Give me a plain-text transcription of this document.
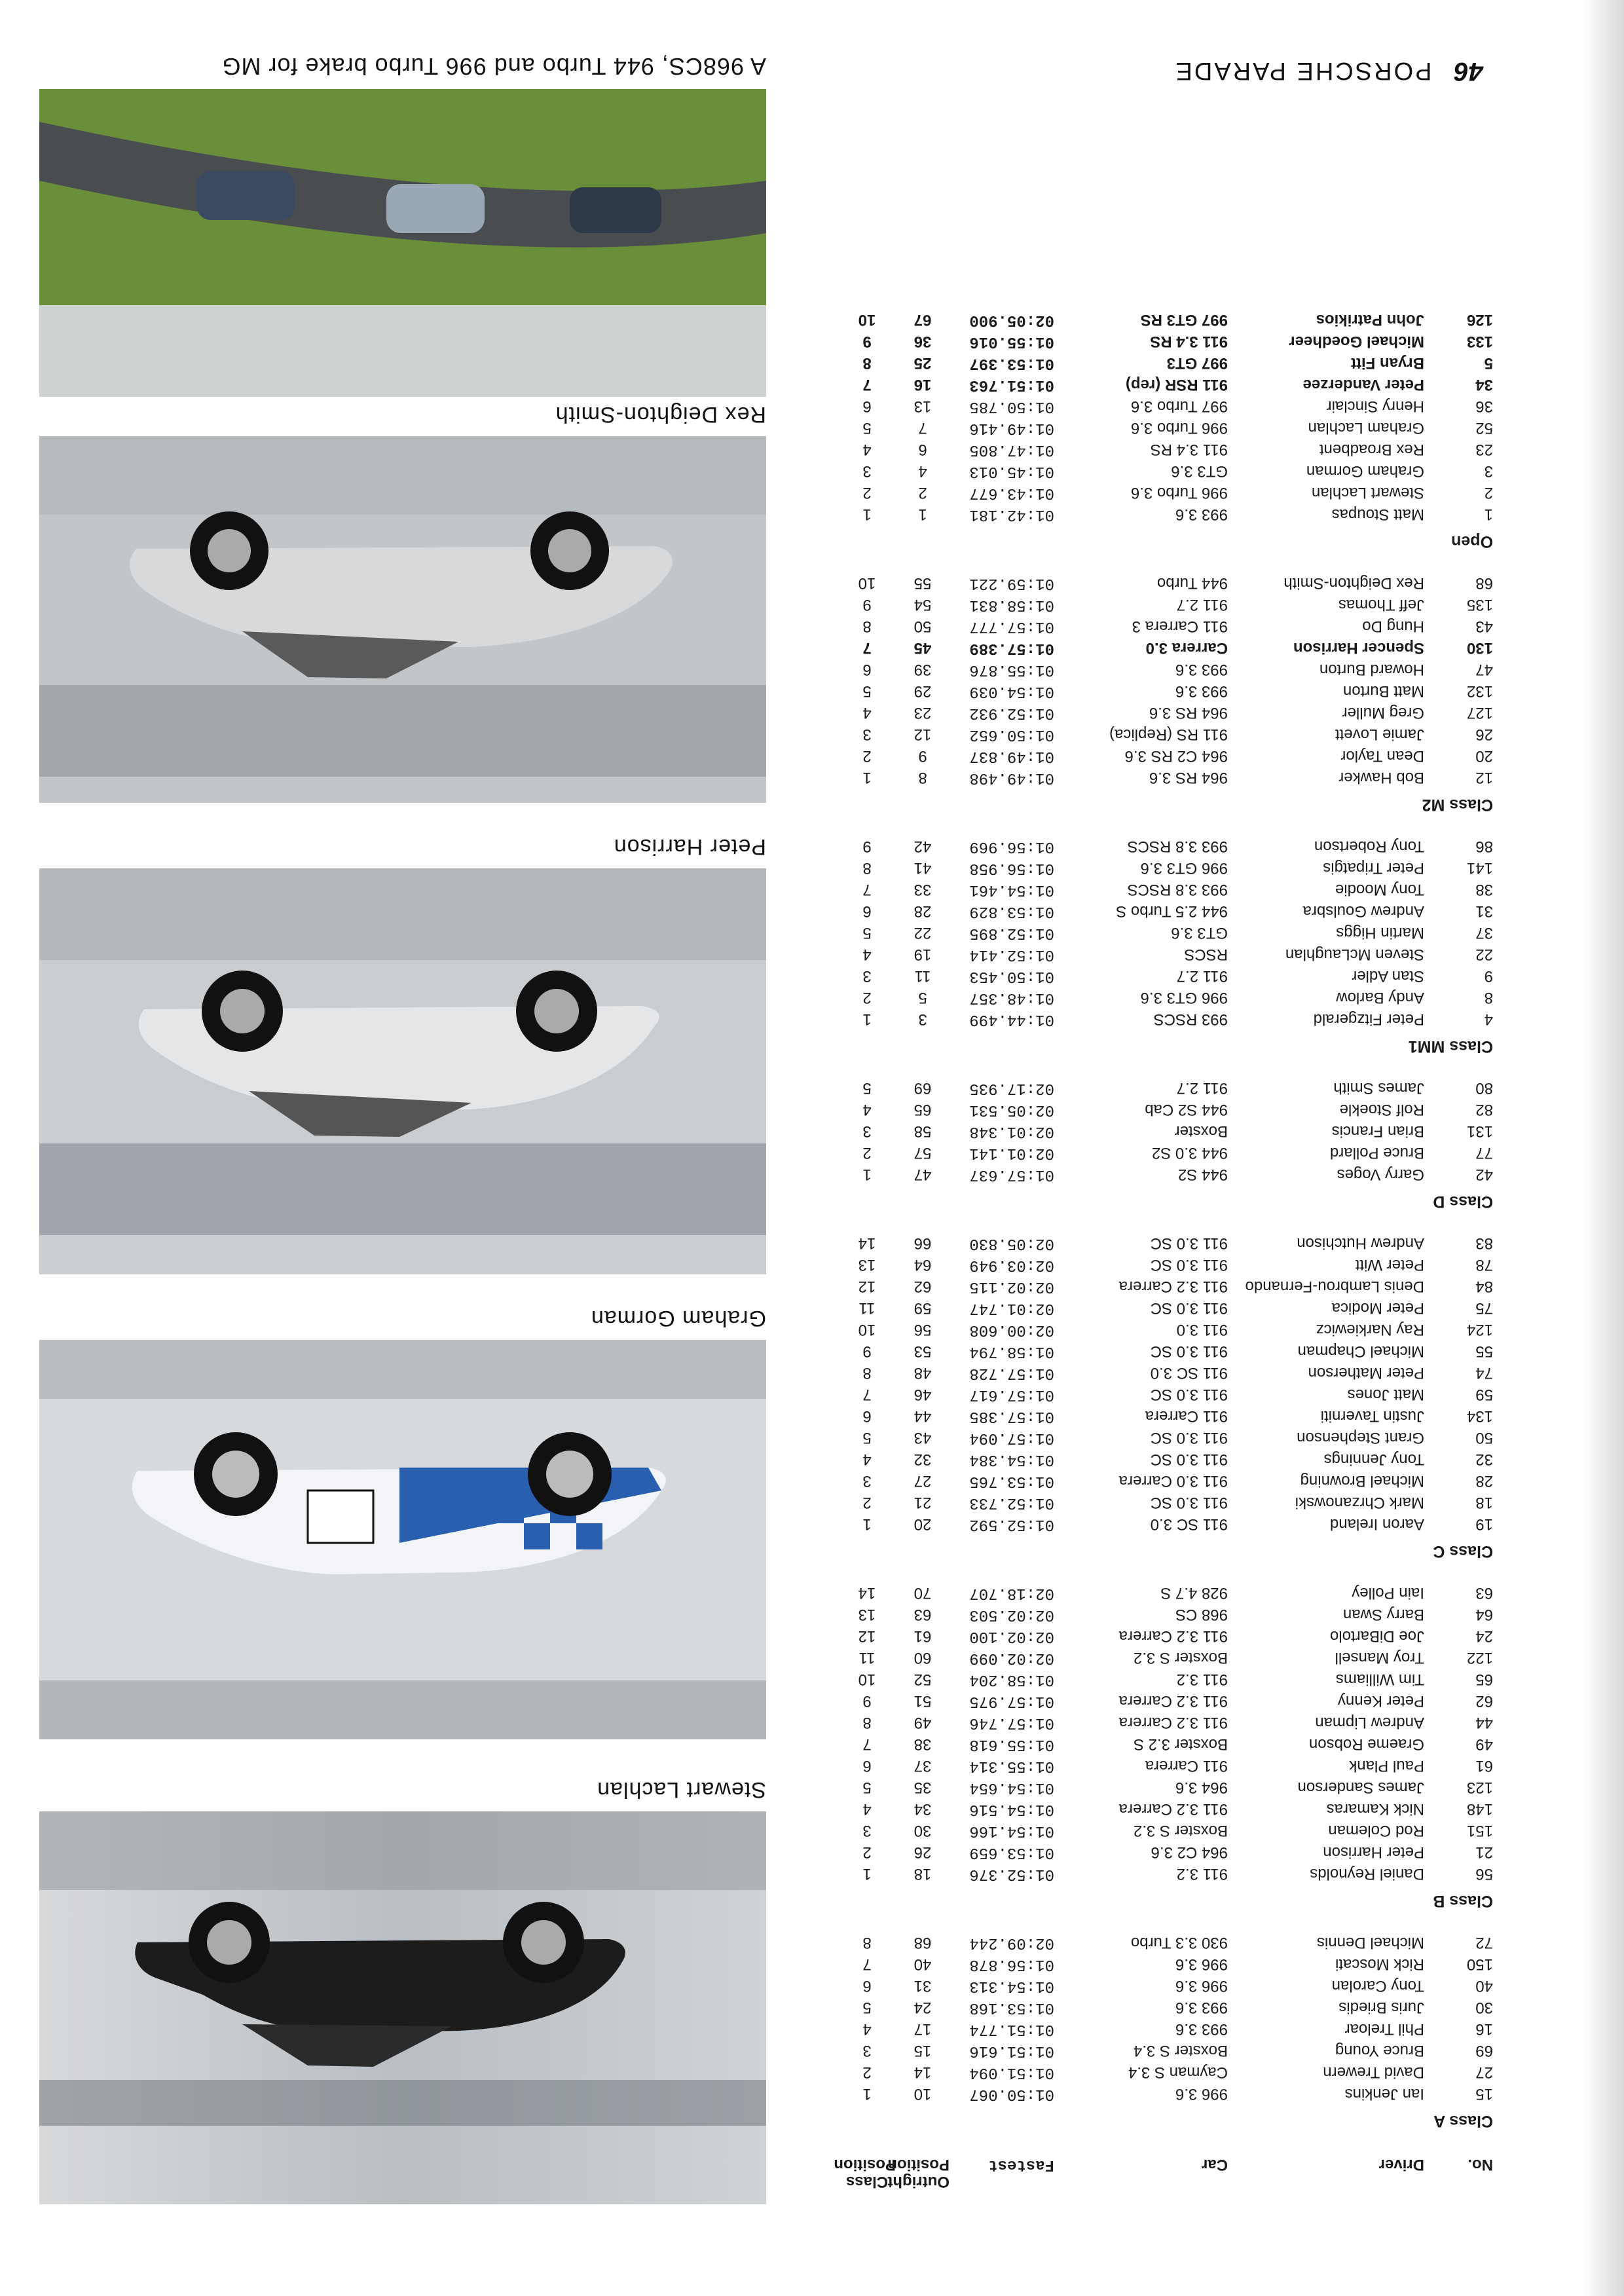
46
PORSCHE PARADE
No.
Driver
Car
Fastest
Outright
Position
Class
Position
Class A
15
Ian Jenkins
996 3.6
01:50.067
10
1
27
David Trewern
Cayman S 3.4
01:51.094
14
2
69
Bruce Young
Boxster S 3.4
01:51.616
15
3
16
Phil Treloar
993 3.6
01:51.774
17
4
30
Juris Briedis
993 3.6
01:53.168
24
5
40
Tony Carolan
996 3.6
01:54.313
31
6
150
Rick Moscati
996 3.6
01:56.878
40
7
72
Michael Dennis
930 3.3 Turbo
02:09.244
68
8
Class B
56
Daniel Reynolds
911 3.2
01:52.376
18
1
21
Peter Harrison
964 C2 3.6
01:53.659
26
2
151
Rod Coleman
Boxster S 3.2
01:54.166
30
3
148
Nick Kamaras
911 3.2 Carrera
01:54.516
34
4
123
James Sanderson
964 3.6
01:54.654
35
5
61
Paul Plank
911 Carrera
01:55.314
37
6
49
Graeme Robson
Boxster 3.2 S
01:55.618
38
7
44
Andrew Lipman
911 3.2 Carrera
01:57.746
49
8
62
Peter Kenny
911 3.2 Carrera
01:57.975
51
9
65
Tim Williams
911 3.2
01:58.204
52
10
122
Troy Mansell
Boxster S 3.2
02:02.099
60
11
24
Joe DiBartolo
911 3.2 Carrera
02:02.100
61
12
64
Barry Swan
968 CS
02:02.503
63
13
63
Iain Polley
928 4.7 S
02:18.707
70
14
Class C
19
Aaron Ireland
911 SC 3.0
01:52.592
20
1
18
Mark Chrzanowski
911 3.0 SC
01:52.733
21
2
28
Michael Browning
911 3.0 Carrera
01:53.765
27
3
32
Tony Jennings
911 3.0 SC
01:54.384
32
4
50
Grant Stephenson
911 3.0 SC
01:57.094
43
5
134
Justin Taverniti
911 Carrera
01:57.385
44
6
59
Matt Jones
911 3.0 SC
01:57.617
46
7
74
Peter Matherson
911 SC 3.0
01:57.728
48
8
55
Michael Chapman
911 3.0 SC
01:58.794
53
9
124
Ray Narkiewicz
911 3.0
02:00.608
56
10
75
Peter Modica
911 3.0 SC
02:01.747
59
11
84
Denis Lambrou-Fernando
911 3.2 Carrera
02:02.115
62
12
78
Peter Witt
911 3.0 SC
02:03.949
64
13
83
Andrew Hutchison
911 3.0 SC
02:05.830
66
14
Class D
42
Garry Voges
944 S2
01:57.637
47
1
77
Bruce Pollard
944 3.0 S2
02:01.141
57
2
131
Brian Francis
Boxster
02:01.348
58
3
82
Rolf Stoekle
944 S2 Cab
02:05.531
65
4
80
James Smith
911 2.7
02:17.935
69
5
Class MM1
4
Peter Fitzgerald
993 RSCS
01:44.499
3
1
8
Andy Barlow
996 GT3 3.6
01:48.357
5
2
9
Stan Adler
911 2.7
01:50.453
11
3
22
Steven McLaughlan
RSCS
01:52.414
19
4
37
Martin Higgs
GT3 3.6
01:52.895
22
5
31
Andrew Goulsbra
944 2.5 Turbo S
01:53.829
28
6
38
Tony Moodie
993 3.8 RSCS
01:54.461
33
7
141
Peter Tripatgis
996 GT3 3.6
01:56.958
41
8
86
Tony Robertson
993 3.8 RSCS
01:56.969
42
9
Class M2
12
Bob Hawker
964 RS 3.6
01:49.498
8
1
20
Dean Taylor
964 C2 RS 3.6
01:49.837
9
2
26
Jamie Lovett
911 RS (Replica)
01:50.652
12
3
127
Greg Muller
964 RS 3.6
01:52.932
23
4
132
Matt Burton
993 3.6
01:54.039
29
5
47
Howard Burton
993 3.6
01:55.876
39
6
130
Spencer Harrison
Carrera 3.0
01:57.389
45
7
43
Hung Do
911 Carrera 3
01:57.777
50
8
135
Jeff Thomas
911 2.7
01:58.831
54
9
68
Rex Deighton-Smith
944 Turbo
01:59.221
55
10
Open
1
Matt Stoupas
993 3.6
01:42.181
1
1
2
Stewart Lachlan
996 Turbo 3.6
01:43.677
2
2
3
Graham Gorman
GT3 3.6
01:45.013
4
3
23
Rex Broadbent
911 3.4 RS
01:47.805
6
4
52
Graham Lachlan
996 Turbo 3.6
01:49.416
7
5
36
Henry Sinclair
997 Turbo 3.6
01:50.785
13
6
34
Peter Vanderzee
911 RSR (rep)
01:51.763
16
7
5
Bryan Fitt
997 GT3
01:53.397
25
8
133
Michael Goedheer
911 3.4 RS
01:55.016
36
9
126
John Patrikios
997 GT3 RS
02:05.900
67
10
Stewart Lachlan
Graham Gorman
Peter Harrison
Rex Deighton-Smith
A 968CS, 944 Turbo and 996 Turbo brake for MG
